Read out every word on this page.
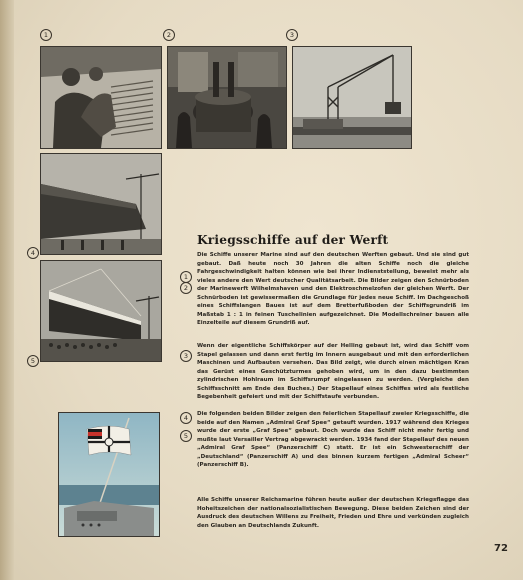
1	2	3
4
5
1
2
3
4
5
Kriegsschiffe auf der Werft

Die Schiffe unserer Marine sind auf den deutschen Werften gebaut. Und sie sind gut gebaut. Daß heute noch 30 Jahren die alten Schiffe noch die gleiche Fahrgeschwindigkeit halten können wie bei ihrer Indienststellung, beweist mehr als vieles andere den Wert deutscher Qualitätsarbeit. Die Bilder zeigen den Schnürboden der Marinewerft Wilhelmshaven und den Elektroschmelzofen der gleichen Werft. Der Schnürboden ist gewissermaßen die Grundlage für jedes neue Schiff. Im Dachgeschoß eines Schiffslangen Baues ist auf dem Bretterfußboden der Schiffsgrundriß im Maßstab 1 : 1 in feinen Tuschelinien aufgezeichnet. Die Modellschreiner bauen alle Einzelteile auf diesem Grundriß auf.

Wenn der eigentliche Schiffskörper auf der Helling gebaut ist, wird das Schiff vom Stapel gelassen und dann erst fertig im Innern ausgebaut und mit den erforderlichen Maschinen und Aufbauten versehen. Das Bild zeigt, wie durch einen mächtigen Kran das Gerüst eines Geschützturmes gehoben wird, um in den dazu bestimmten zylindrischen Hohlraum im Schiffsrumpf eingelassen zu werden. (Vergleiche den Schiffsschnitt am Ende des Buches.) Der Stapellauf eines Schiffes wird als festliche Begebenheit gefeiert und mit der Schiffstaufe verbunden.

Die folgenden beiden Bilder zeigen den feierlichen Stapellauf zweier Kriegsschiffe, die beide auf den Namen „Admiral Graf Spee“ getauft wurden. 1917 während des Krieges wurde der erste „Graf Spee“ gebaut. Doch wurde das Schiff nicht mehr fertig und mußte laut Versailler Vertrag abgewrackt werden. 1934 fand der Stapellauf des neuen „Admiral Graf Spee“ (Panzerschiff C) statt. Er ist ein Schwesterschiff der „Deutschland“ (Panzerschiff A) und des binnen kurzem fertigen „Admiral Scheer“ (Panzerschiff B).

Alle Schiffe unserer Reichsmarine führen heute außer der deutschen Kriegsflagge das Hoheitszeichen der nationalsozialistischen Bewegung. Diese beiden Zeichen sind der Ausdruck des deutschen Willens zu Freiheit, Frieden und Ehre und verkünden zugleich den Glauben an Deutschlands Zukunft.

72
